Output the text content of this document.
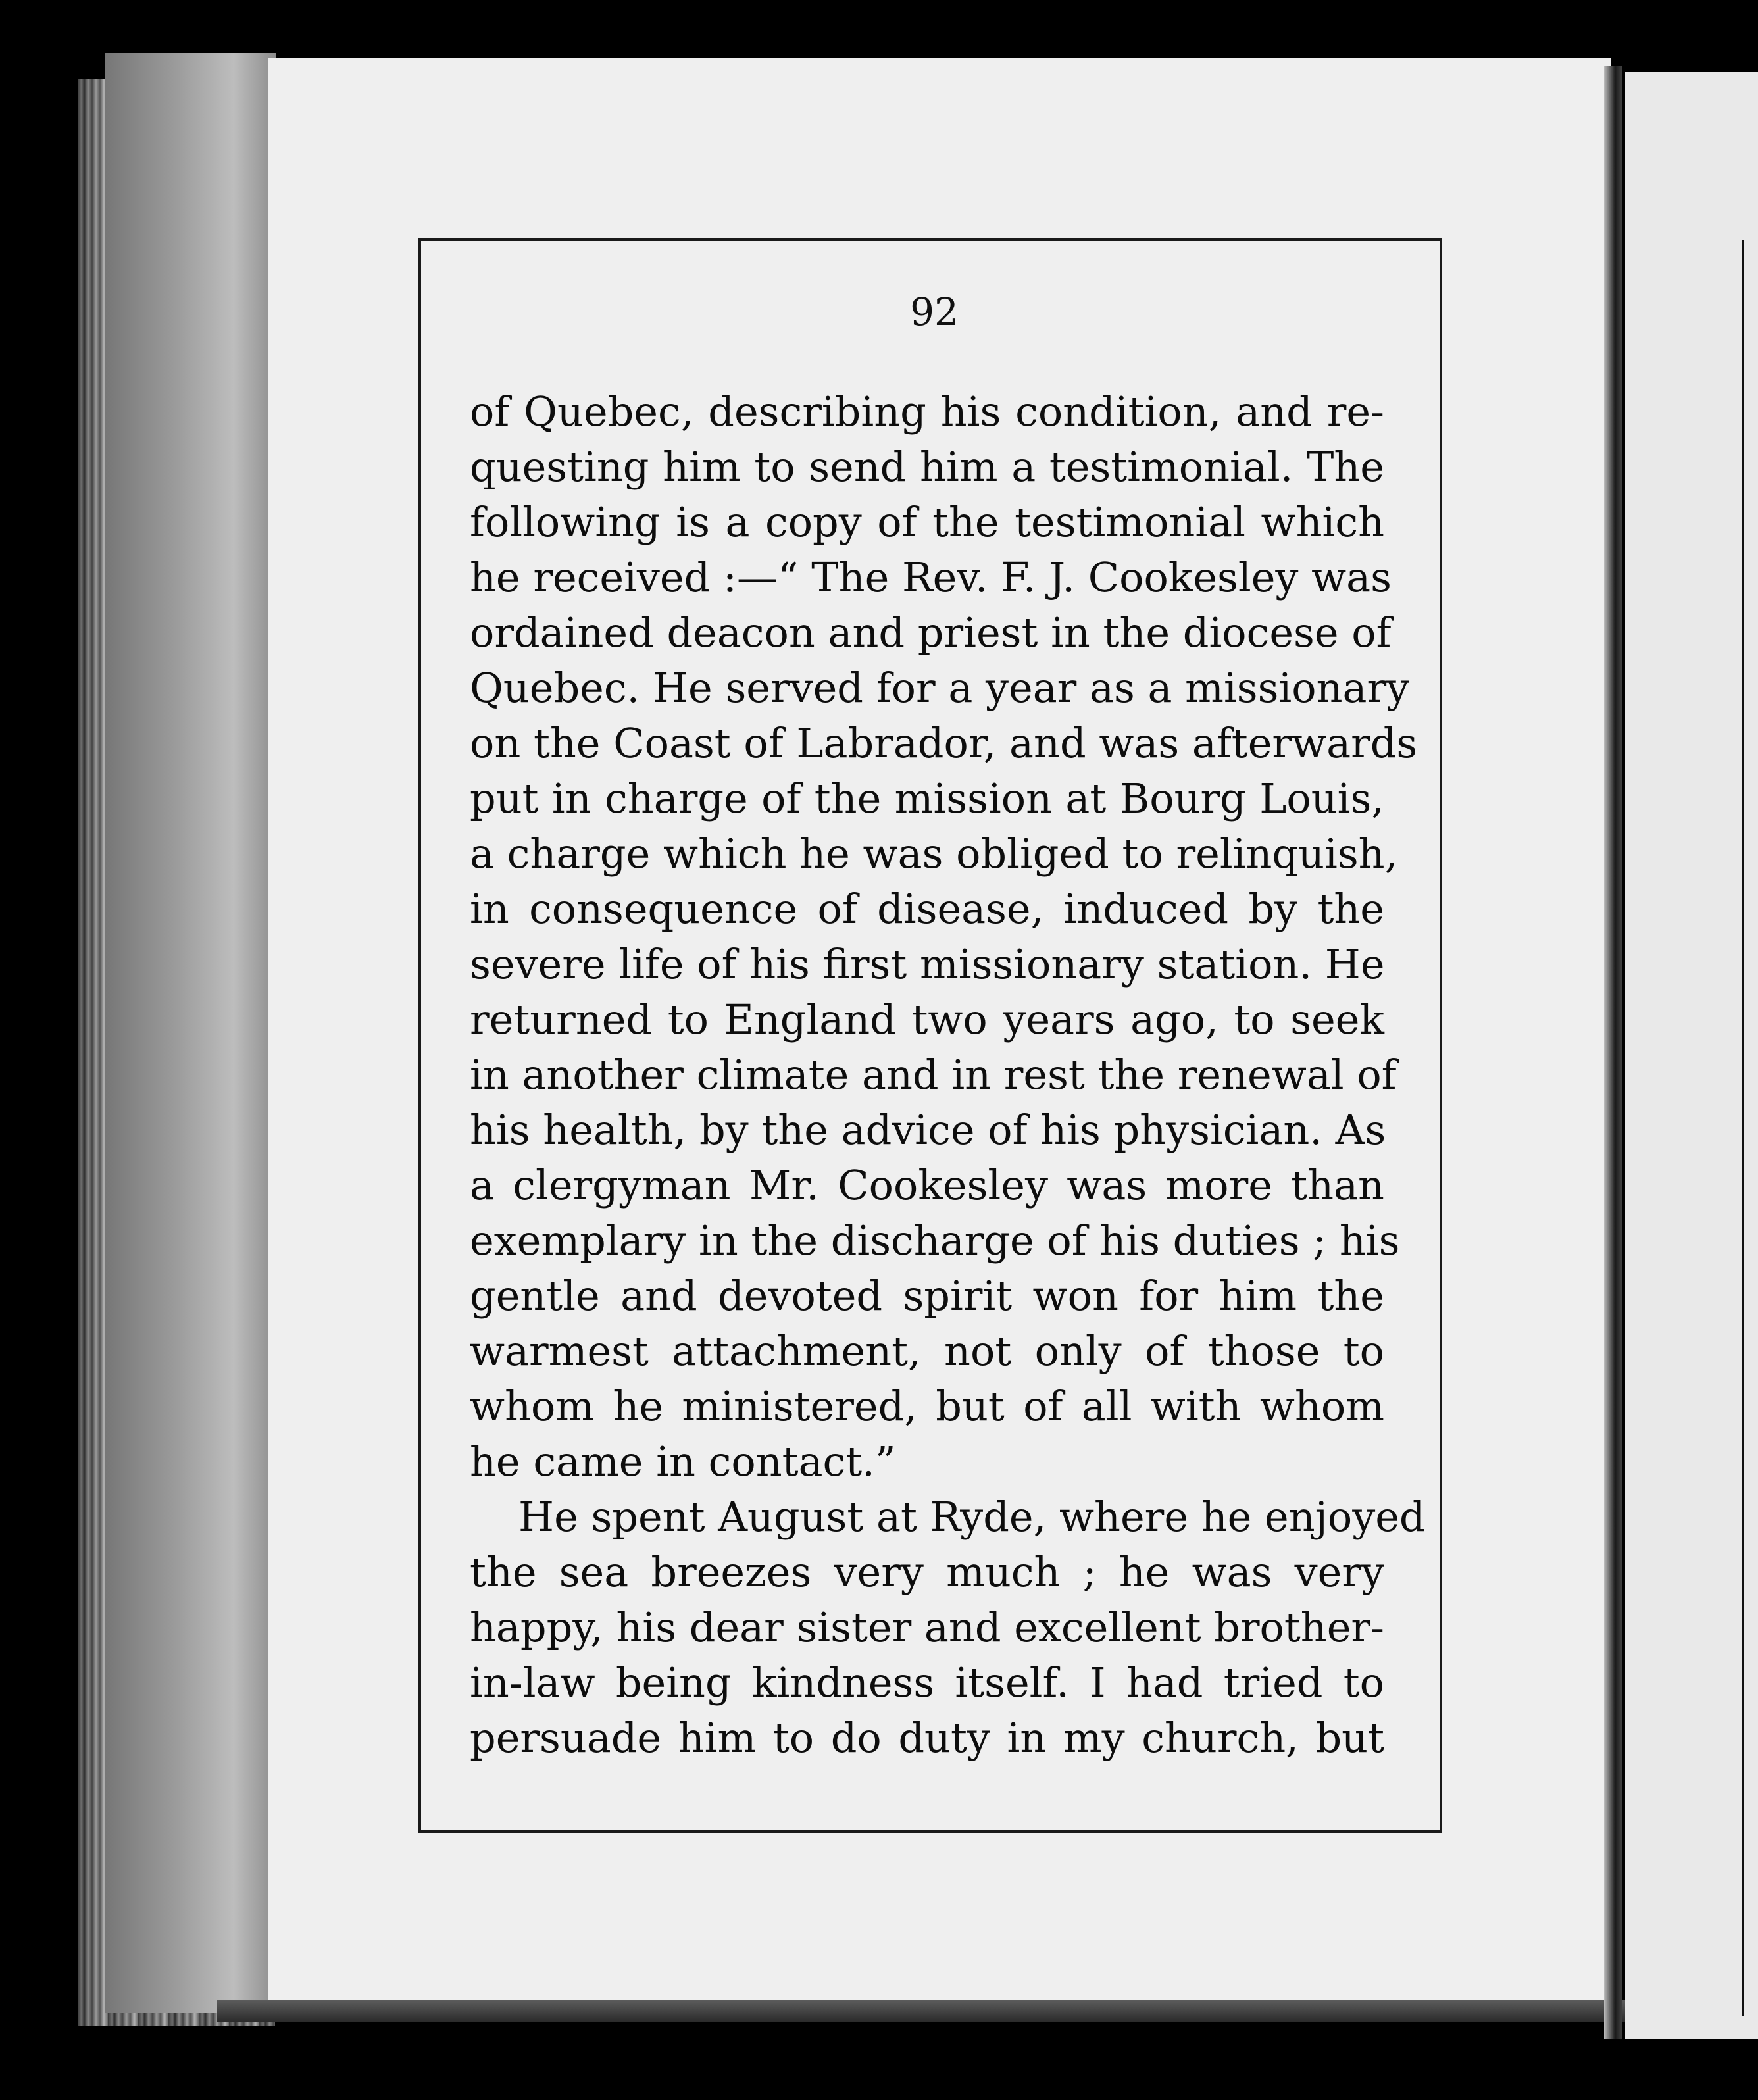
92
of Quebec, describing his condition, and re-
questing him to send him a testimonial. The
following is a copy of the testimonial which
he received :—“ The Rev. F. J. Cookesley was
ordained deacon and priest in the diocese of
Quebec. He served for a year as a missionary
on the Coast of Labrador, and was afterwards
put in charge of the mission at Bourg Louis,
a charge which he was obliged to relinquish,
in consequence of disease, induced by the
severe life of his first missionary station. He
returned to England two years ago, to seek
in another climate and in rest the renewal of
his health, by the advice of his physician. As
a clergyman Mr. Cookesley was more than
exemplary in the discharge of his duties ; his
gentle and devoted spirit won for him the
warmest attachment, not only of those to
whom he ministered, but of all with whom
he came in contact.”
He spent August at Ryde, where he enjoyed
the sea breezes very much ; he was very
happy, his dear sister and excellent brother-
in-law being kindness itself. I had tried to
persuade him to do duty in my church, but
